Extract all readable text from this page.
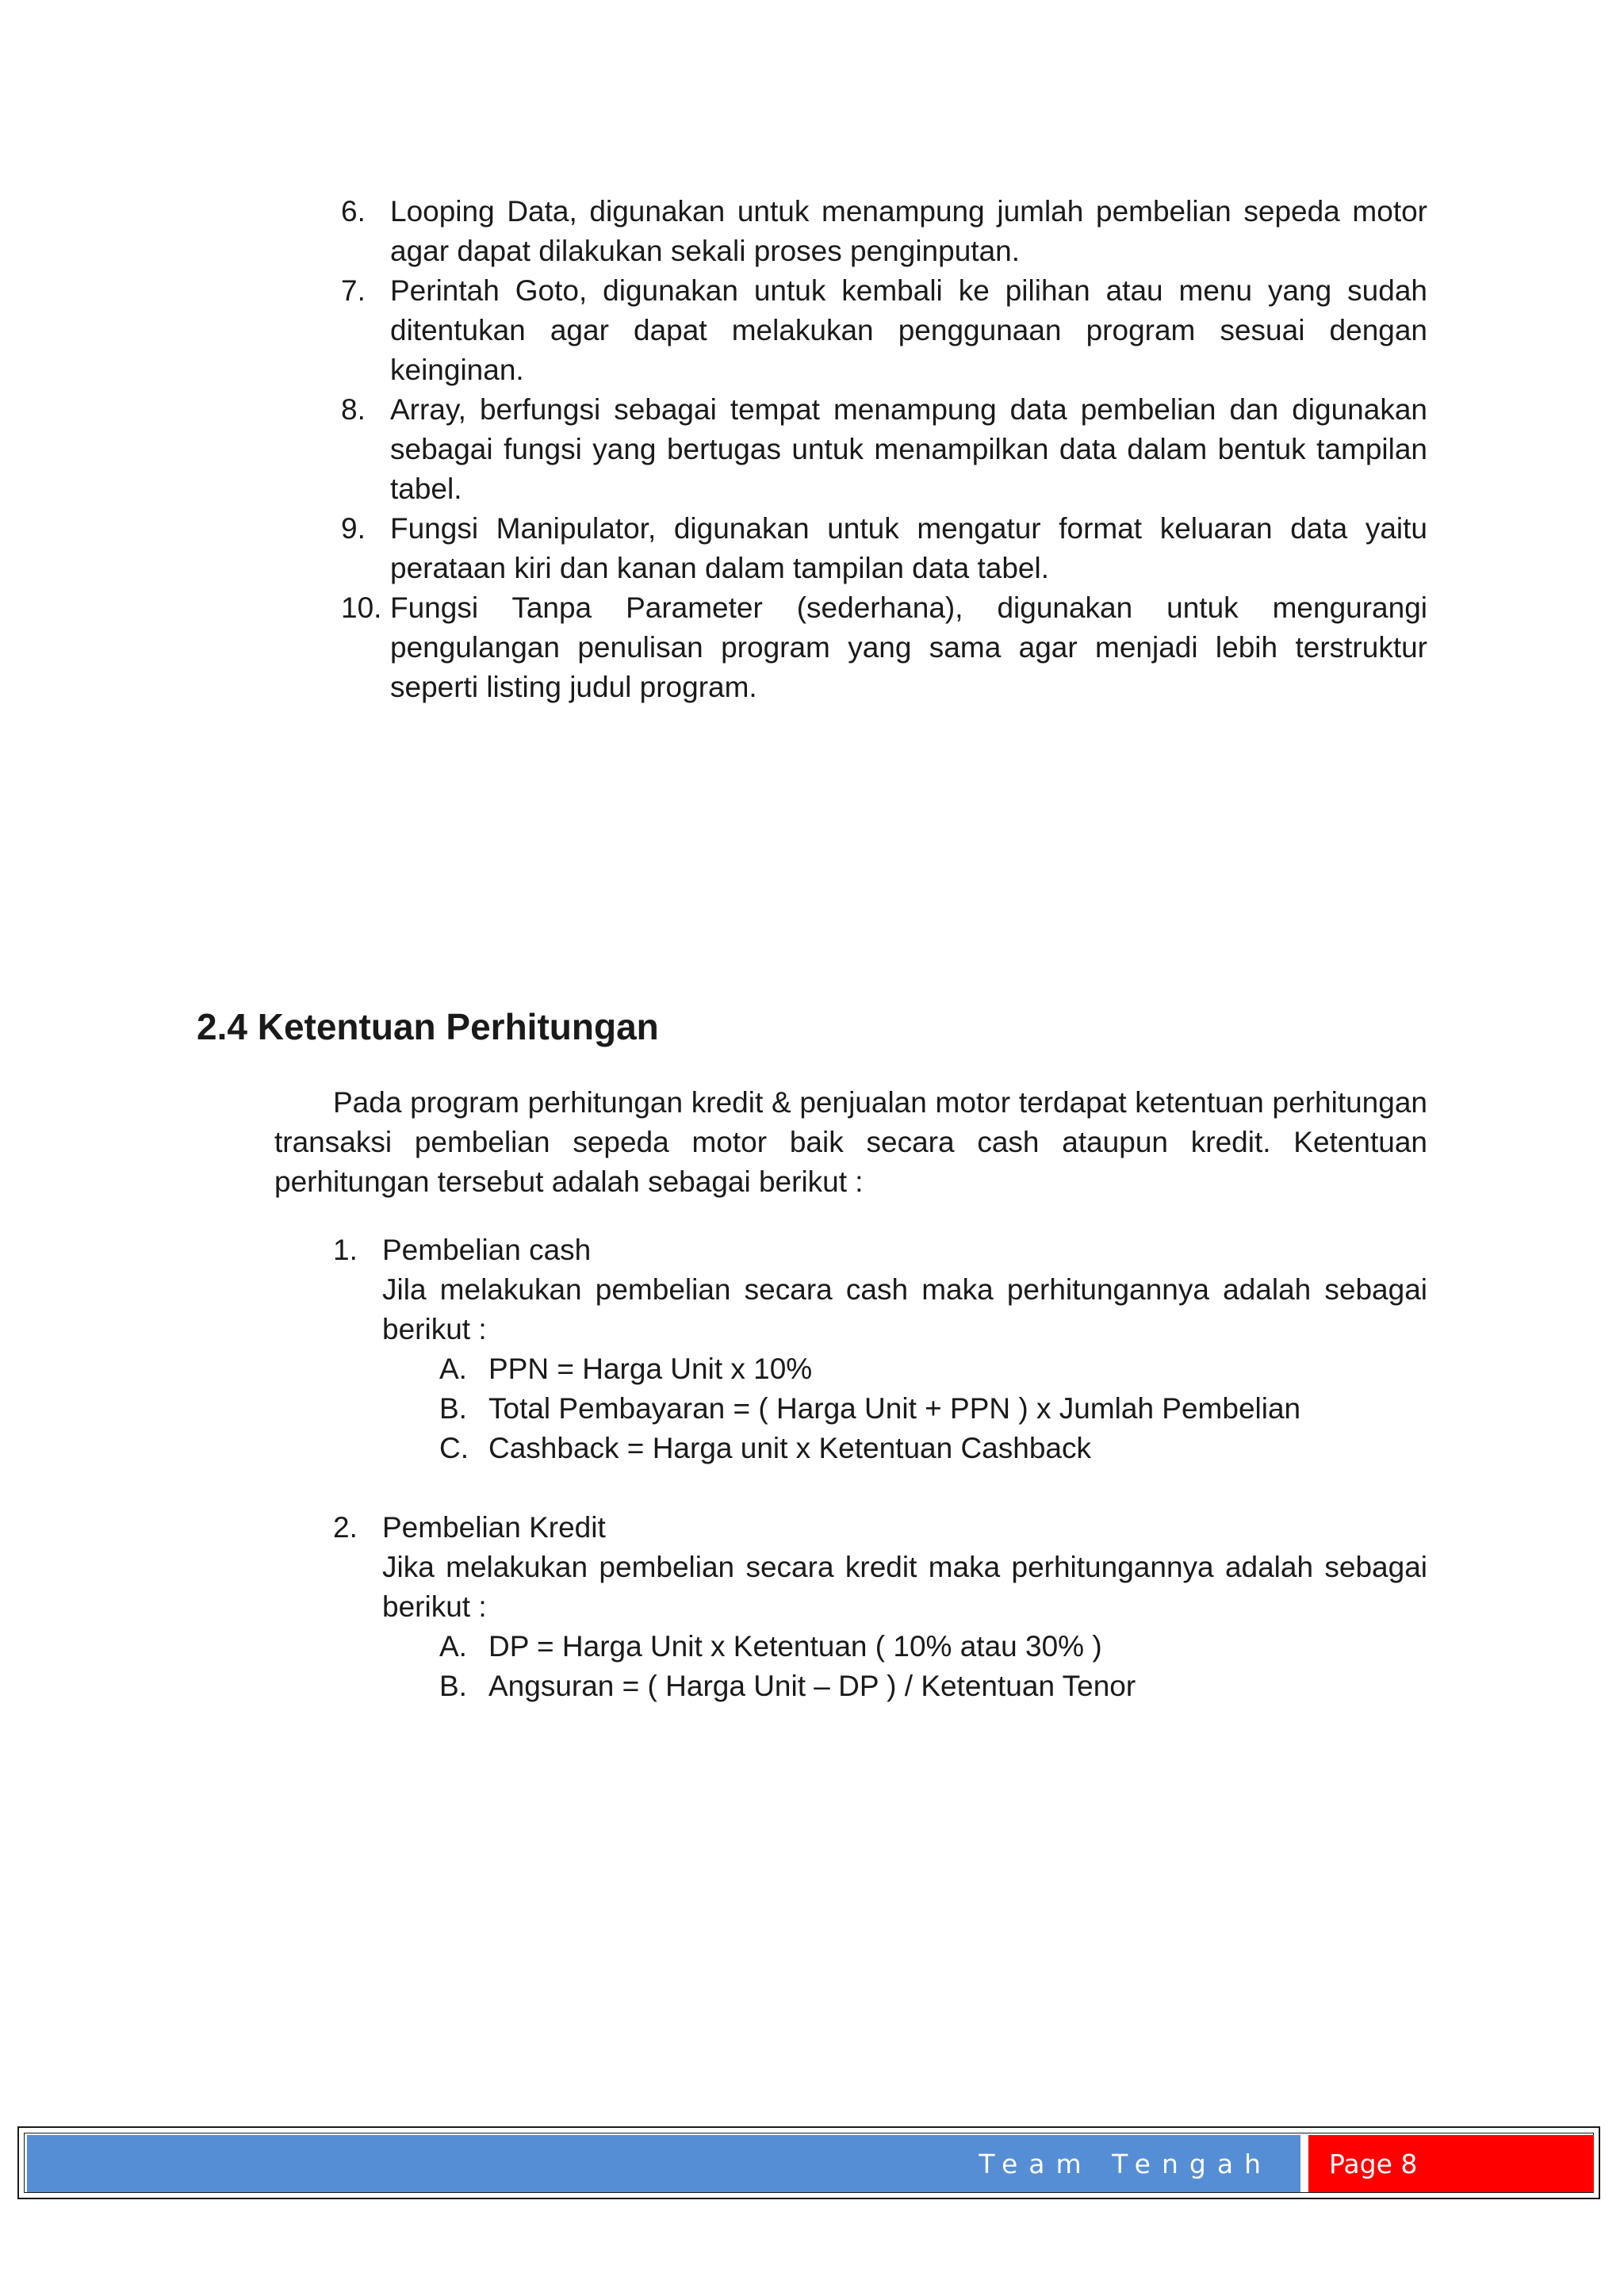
6. Looping Data, digunakan untuk menampung jumlah pembelian sepeda motor agar dapat dilakukan sekali proses penginputan.
7. Perintah Goto, digunakan untuk kembali ke pilihan atau menu yang sudah ditentukan agar dapat melakukan penggunaan program sesuai dengan keinginan.
8. Array, berfungsi sebagai tempat menampung data pembelian dan digunakan sebagai fungsi yang bertugas untuk menampilkan data dalam bentuk tampilan tabel.
9. Fungsi Manipulator, digunakan untuk mengatur format keluaran data yaitu perataan kiri dan kanan dalam tampilan data tabel.
10. Fungsi Tanpa Parameter (sederhana), digunakan untuk mengurangi pengulangan penulisan program yang sama agar menjadi lebih terstruktur seperti listing judul program.
2.4 Ketentuan Perhitungan

Pada program perhitungan kredit & penjualan motor terdapat ketentuan perhitungan transaksi pembelian sepeda motor baik secara cash ataupun kredit. Ketentuan perhitungan tersebut adalah sebagai berikut :

1. Pembelian cash
Jila melakukan pembelian secara cash maka perhitungannya adalah sebagai berikut :
A. PPN = Harga Unit x 10%
B. Total Pembayaran = ( Harga Unit + PPN ) x Jumlah Pembelian
C. Cashback = Harga unit x Ketentuan Cashback
2. Pembelian Kredit
Jika melakukan pembelian secara kredit maka perhitungannya adalah sebagai berikut :
A. DP = Harga Unit x Ketentuan ( 10% atau 30% )
B. Angsuran = ( Harga Unit – DP ) / Ketentuan Tenor
Team Tengah Page 8
